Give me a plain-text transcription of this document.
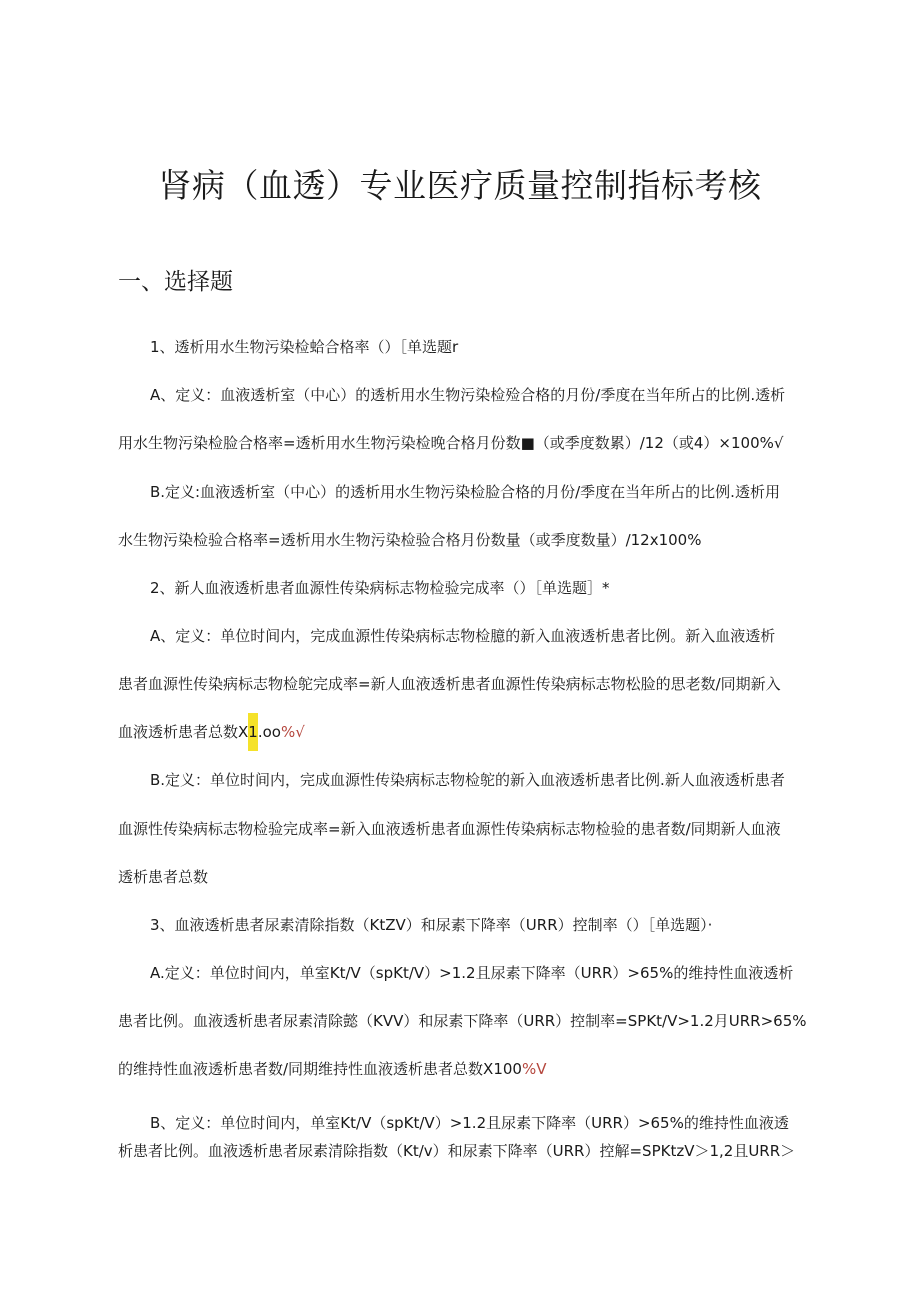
肾病（血透）专业医疗质量控制指标考核
一、选择题

1、透析用水生物污染检蛤合格率（）［单选题r

A、定义：血液透析室（中心）的透析用水生物污染检殓合格的月份/季度在当年所占的比例.透析

用水生物污染检脸合格率=透析用水生物污染检晚合格月份数■（或季度数累）/12（或4）×100%√

B.定义:血液透析室（中心）的透析用水生物污染检脸合格的月份/季度在当年所占的比例.透析用

水生物污染检验合格率=透析用水生物污染检验合格月份数量（或季度数量）/12x100%

2、新人血液透析患者血源性传染病标志物检验完成率（）［单选题］*

A、定义：单位时间内，完成血源性传染病标志物检臆的新入血液透析患者比例。新入血液透析

患者血源性传染病标志物检鸵完成率=新人血液透析患者血源性传染病标志物松脸的思老数/同期新入

血液透析患者总数X1.oo%√

B.定义：单位时间内，完成血源性传染病标志物检鸵的新入血液透析患者比例.新人血液透析患者

血源性传染病标志物检验完成率=新入血液透析患者血源性传染病标志物检验的患者数/同期新人血液

透析患者总数

3、血液透析患者尿素清除指数（KtZV）和尿素下降率（URR）控制率（）［单选题）·

A.定义：单位时间内，单室Kt/V（spKt/V）>1.2且尿素下降率（URR）>65%的维持性血液透析

患者比例。血液透析患者尿素清除懿（KVV）和尿素下降率（URR）控制率=SPKt/V>1.2月URR>65%

的维持性血液透析患者数/同期维持性血液透析患者总数X100%V

B、定义：单位时间内，单室Kt/V（spKt/V）>1.2且尿素下降率（URR）>65%的维持性血液透

析患者比例。血液透析患者尿素清除指数（Kt/v）和尿素下降率（URR）控解=SPKtzV＞1,2且URR＞
